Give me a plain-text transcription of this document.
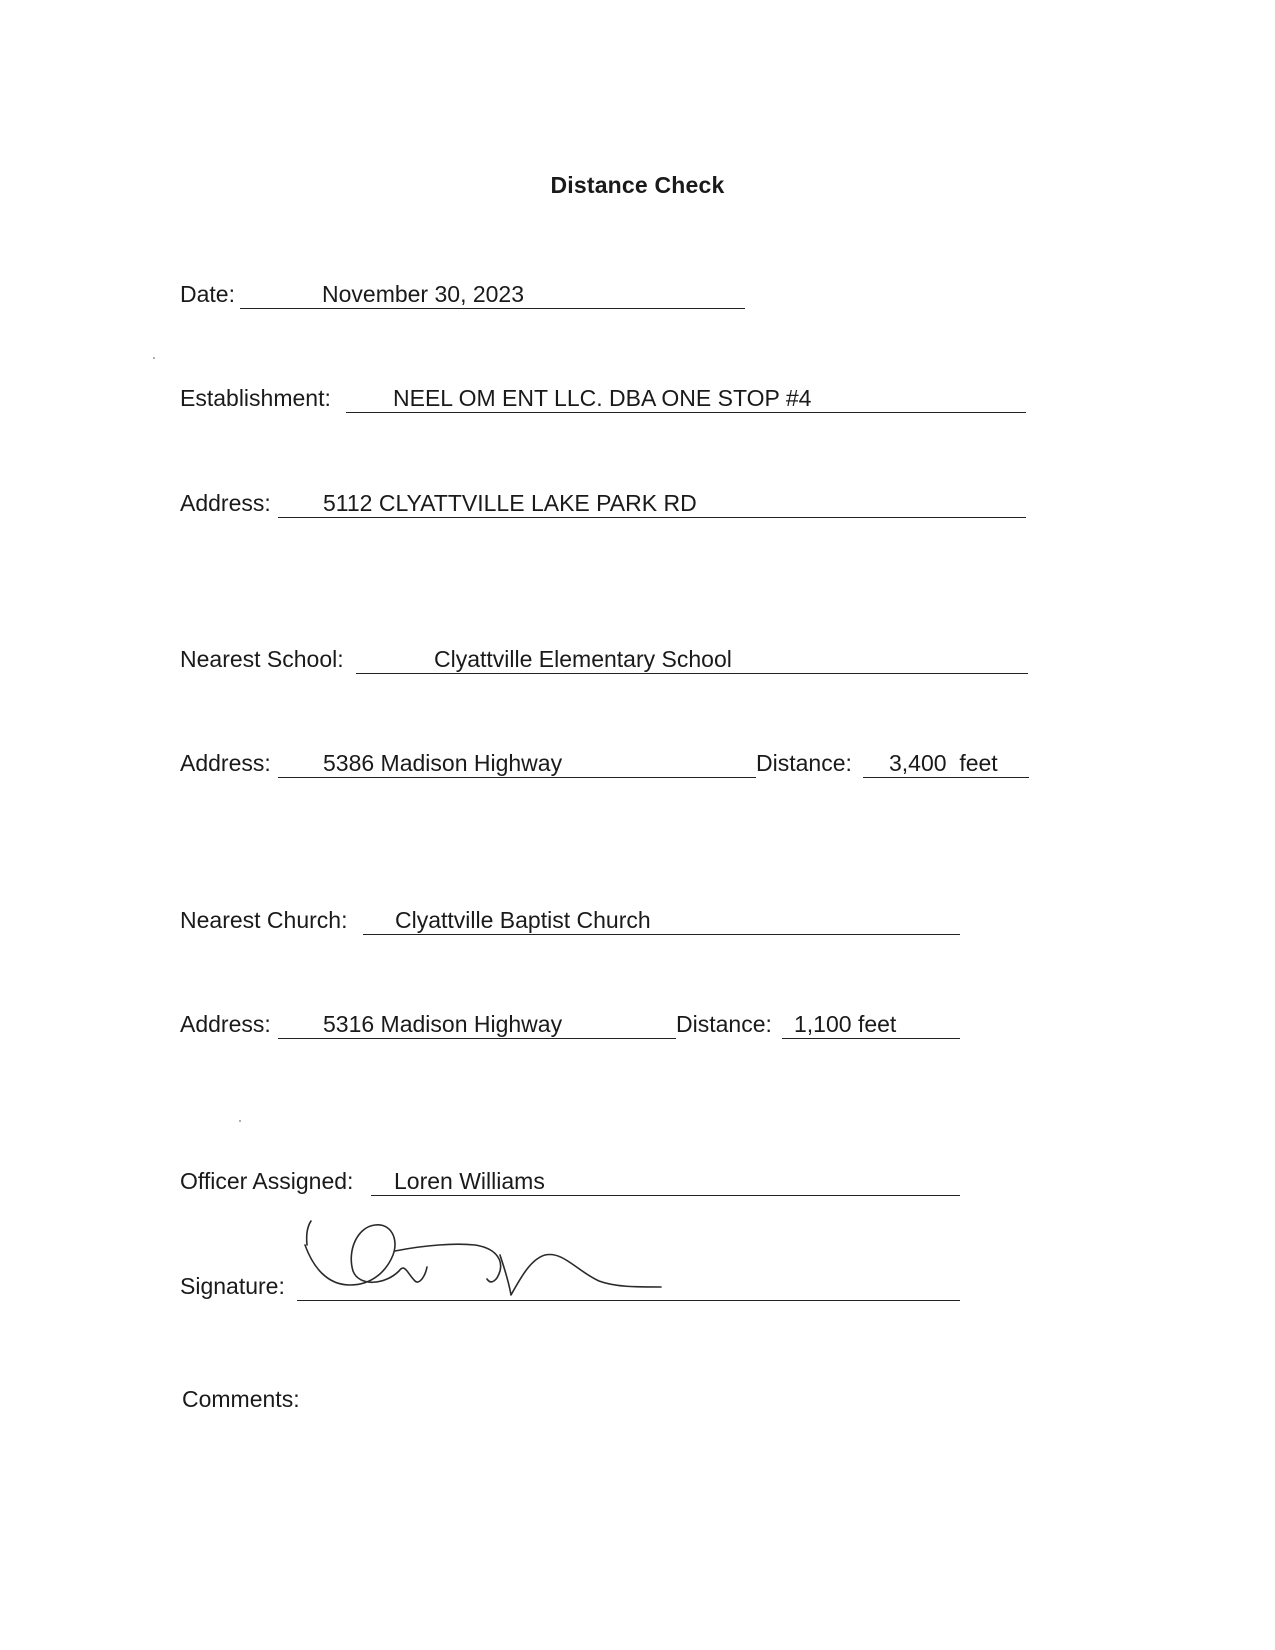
Distance Check
Date:	November 30, 2023
Establishment:	NEEL OM ENT LLC. DBA ONE STOP #4
Address: 5112 CLYATTVILLE LAKE PARK RD
Nearest School:	Clyattville Elementary School
Address: 5386 Madison Highway	Distance: 3,400  feet
Nearest Church: Clyattville Baptist Church
Address: 5316 Madison Highway	Distance: 1,100 feet
Officer Assigned: Loren Williams
Signature:
Comments:
